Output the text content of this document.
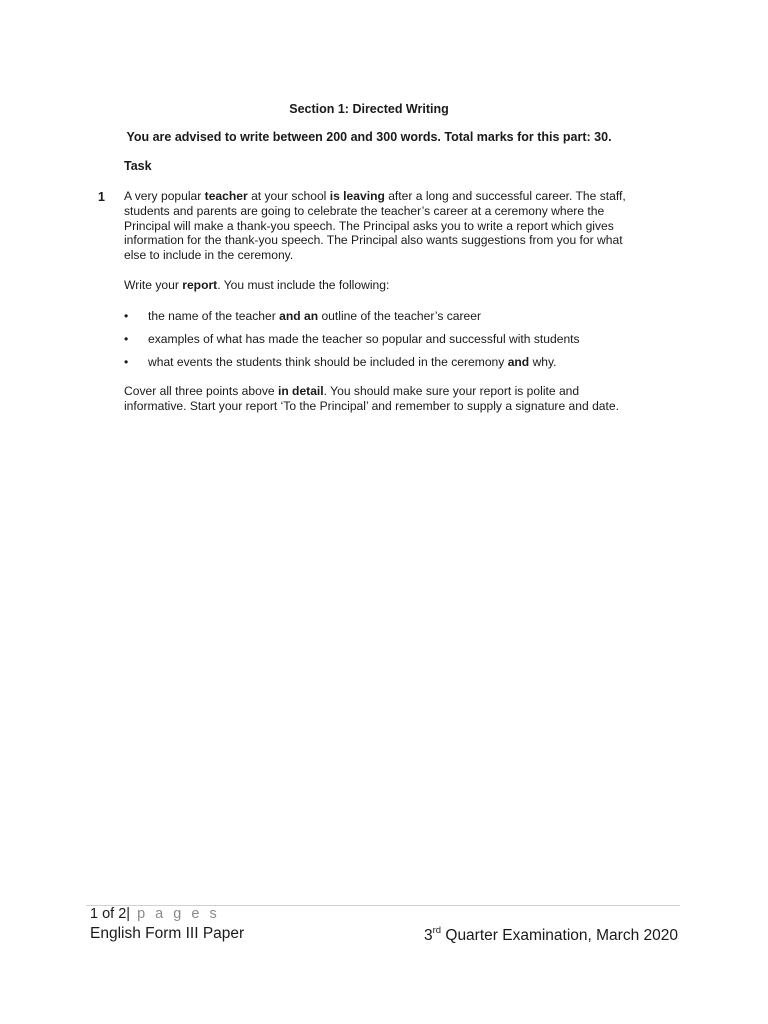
Section 1: Directed Writing
You are advised to write between 200 and 300 words. Total marks for this part: 30.
Task
1 A very popular teacher at your school is leaving after a long and successful career. The staff, students and parents are going to celebrate the teacher’s career at a ceremony where the Principal will make a thank-you speech. The Principal asks you to write a report which gives information for the thank-you speech. The Principal also wants suggestions from you for what else to include in the ceremony.
Write your report. You must include the following:
•	the name of the teacher and an outline of the teacher’s career
•	examples of what has made the teacher so popular and successful with students
•	what events the students think should be included in the ceremony and why.
Cover all three points above in detail. You should make sure your report is polite and informative. Start your report ‘To the Principal’ and remember to supply a signature and date.
1 of 2| p a g e s
English Form III Paper	3rd Quarter Examination, March 2020
